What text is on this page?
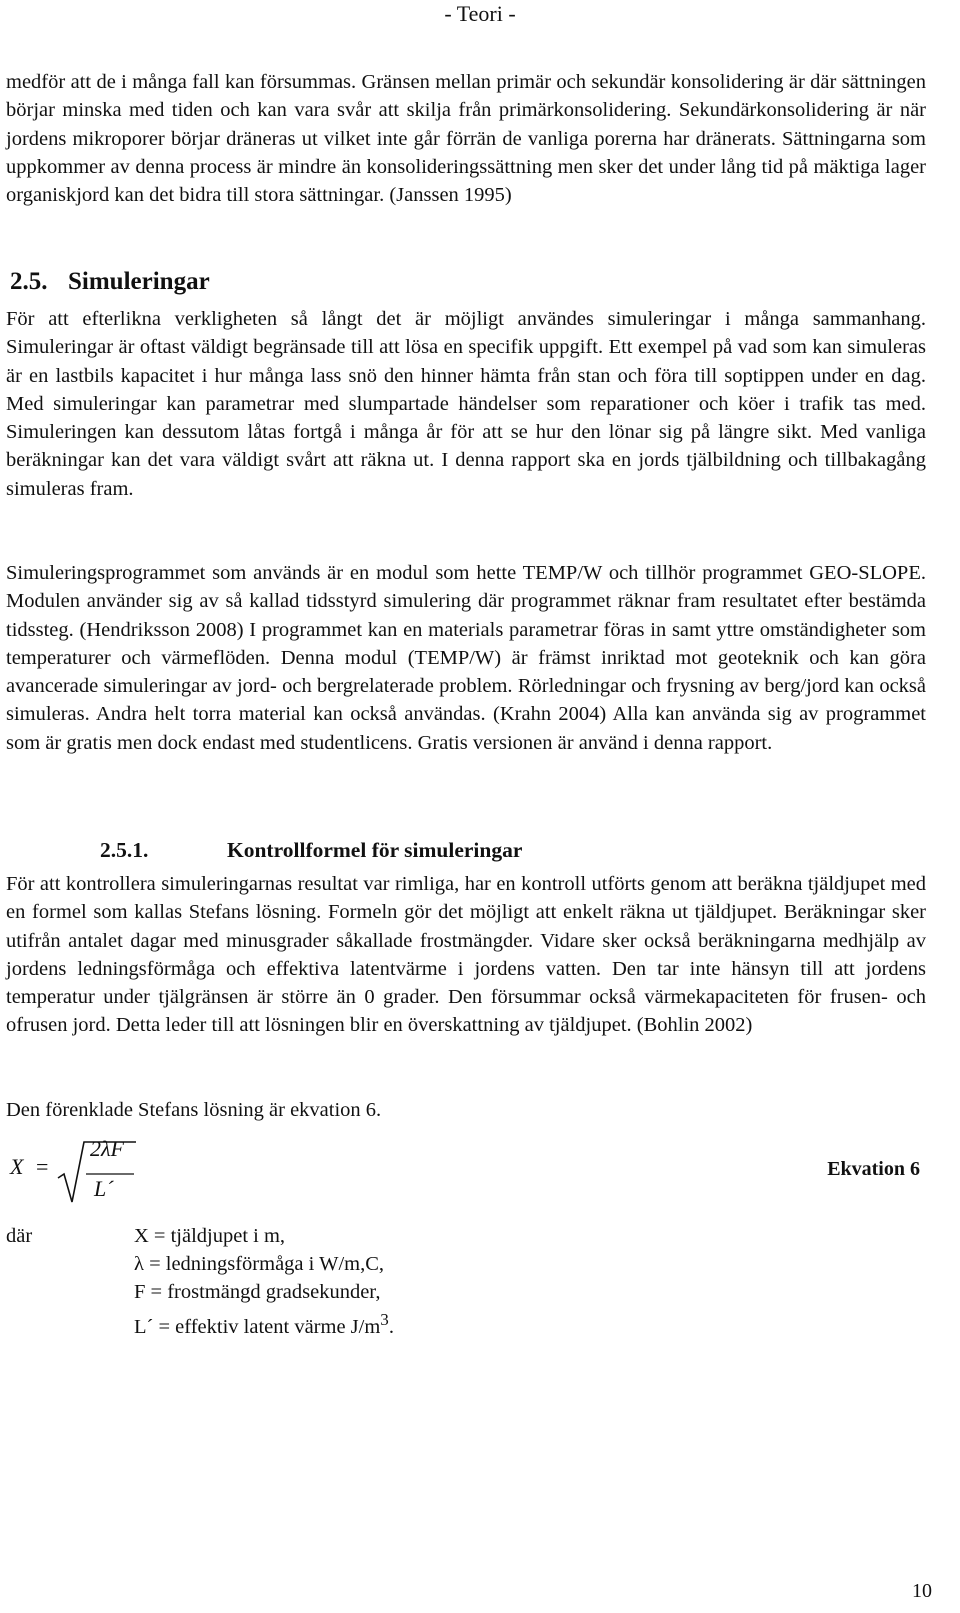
- Teori -

medför att de i många fall kan försummas. Gränsen mellan primär och sekundär konsolidering är där sättningen börjar minska med tiden och kan vara svår att skilja från primärkonsolidering. Sekundärkonsolidering är när jordens mikroporer börjar dräneras ut vilket inte går förrän de vanliga porerna har dränerats. Sättningarna som uppkommer av denna process är mindre än konsolideringssättning men sker det under lång tid på mäktiga lager organiskjord kan det bidra till stora sättningar. (Janssen 1995)

2.5. Simuleringar

För att efterlikna verkligheten så långt det är möjligt användes simuleringar i många sammanhang. Simuleringar är oftast väldigt begränsade till att lösa en specifik uppgift. Ett exempel på vad som kan simuleras är en lastbils kapacitet i hur många lass snö den hinner hämta från stan och föra till soptippen under en dag. Med simuleringar kan parametrar med slumpartade händelser som reparationer och köer i trafik tas med. Simuleringen kan dessutom låtas fortgå i många år för att se hur den lönar sig på längre sikt. Med vanliga beräkningar kan det vara väldigt svårt att räkna ut. I denna rapport ska en jords tjälbildning och tillbakagång simuleras fram.

Simuleringsprogrammet som används är en modul som hette TEMP/W och tillhör programmet GEO-SLOPE. Modulen använder sig av så kallad tidsstyrd simulering där programmet räknar fram resultatet efter bestämda tidssteg. (Hendriksson 2008) I programmet kan en materials parametrar föras in samt yttre omständigheter som temperaturer och värmeflöden. Denna modul (TEMP/W) är främst inriktad mot geoteknik och kan göra avancerade simuleringar av jord- och bergrelaterade problem. Rörledningar och frysning av berg/jord kan också simuleras. Andra helt torra material kan också användas. (Krahn 2004) Alla kan använda sig av programmet som är gratis men dock endast med studentlicens. Gratis versionen är använd i denna rapport.

2.5.1.	Kontrollformel för simuleringar

För att kontrollera simuleringarnas resultat var rimliga, har en kontroll utförts genom att beräkna tjäldjupet med en formel som kallas Stefans lösning. Formeln gör det möjligt att enkelt räkna ut tjäldjupet. Beräkningar sker utifrån antalet dagar med minusgrader såkallade frostmängder. Vidare sker också beräkningarna medhjälp av jordens ledningsförmåga och effektiva latentvärme i jordens vatten. Den tar inte hänsyn till att jordens temperatur under tjälgränsen är större än 0 grader. Den försummar också värmekapaciteten för frusen- och ofrusen jord. Detta leder till att lösningen blir en överskattning av tjäldjupet. (Bohlin 2002)

Den förenklade Stefans lösning är ekvation 6.

X =
2λF
L´
Ekvation 6
där	X = tjäldjupet i m,
λ = ledningsförmåga i W/m,C,
F = frostmängd gradsekunder,
L´ = effektiv latent värme $J/m^3$.
10
